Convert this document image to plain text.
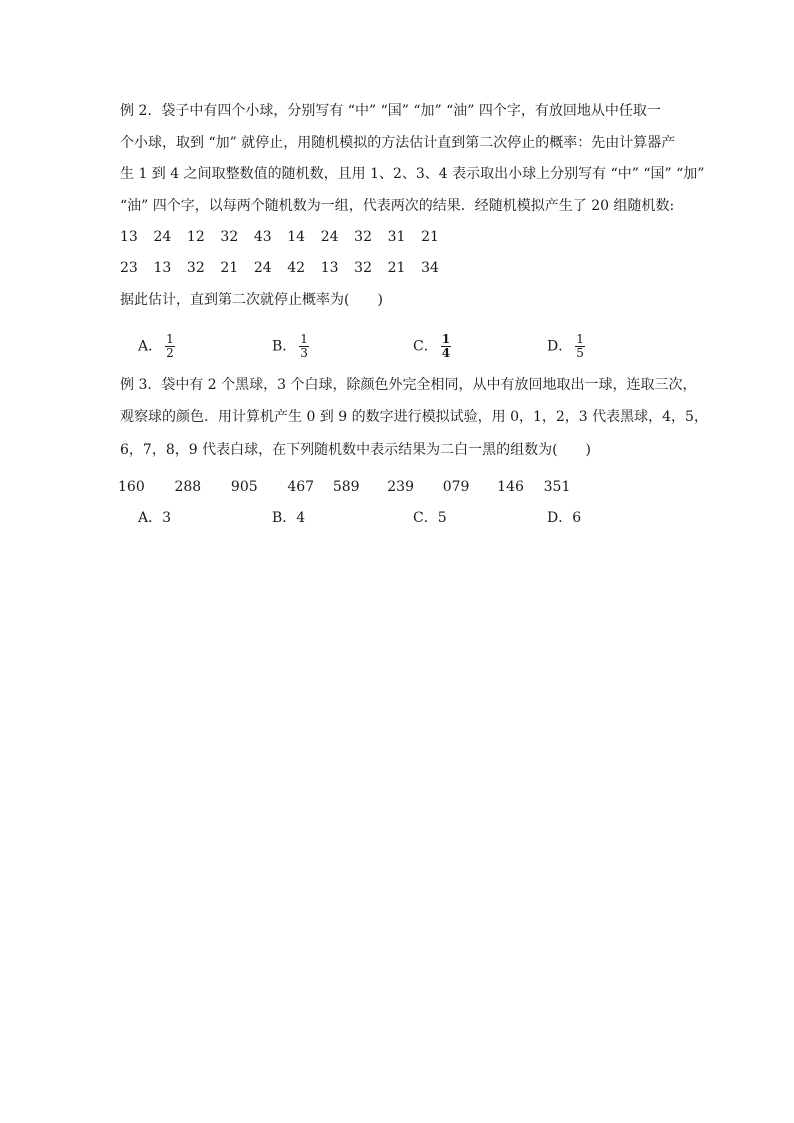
例 2．袋子中有四个小球，分别写有 “中” “国” “加” “油” 四个字，有放回地从中任取一
个小球，取到 “加” 就停止，用随机模拟的方法估计直到第二次停止的概率：先由计算器产
生 1 到 4 之间取整数值的随机数，且用 1、2、3、4 表示取出小球上分别写有 “中” “国” “加”
“油” 四个字，以每两个随机数为一组，代表两次的结果．经随机模拟产生了 20 组随机数:
13 24 12 32 43 14 24 32 31 21
23 13 32 21 24 42 13 32 21 34
据此估计，直到第二次就停止概率为(　　)
A． $\frac{1}{2}$	B． $\frac{1}{3}$	C． $\frac{1}{4}$	D． $\frac{1}{5}$
例 3．袋中有 2 个黑球，3 个白球，除颜色外完全相同，从中有放回地取出一球，连取三次，
观察球的颜色．用计算机产生 0 到 9 的数字进行模拟试验，用 0，1，2，3 代表黑球，4，5，
6，7，8，9 代表白球，在下列随机数中表示结果为二白一黑的组数为(　　)
160 288 905 467 589 239 079 146 351
A．3	B．4	C．5	D．6
